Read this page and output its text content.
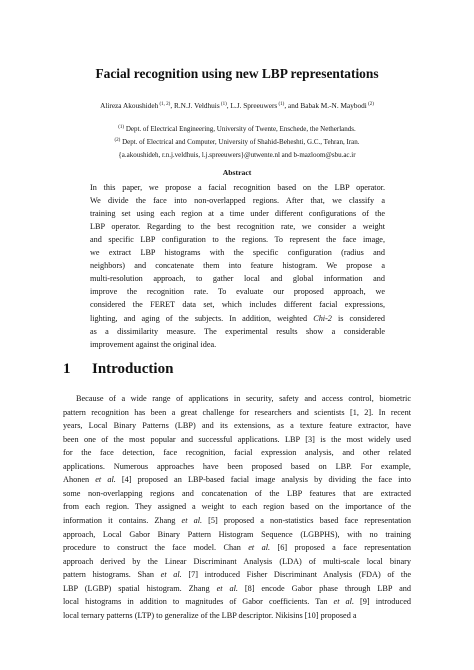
Facial recognition using new LBP representations
Alireza Akoushideh $^{(1, 2)}$, R.N.J. Veldhuis $^{(1)}$, L.J. Spreeuwers $^{(1)}$, and Babak M.-N. Maybodi $^{(2)}$
$^{(1)}$ Dept. of Electrical Engineering, University of Twente, Enschede, the Netherlands.
$^{(2)}$ Dept. of Electrical and Computer, University of Shahid-Beheshti, G.C., Tehran, Iran.
{a.akoushideh, r.n.j.veldhuis, l.j.spreeuwers}@utwente.nl and b-mazloom@sbu.ac.ir
Abstract
In this paper, we propose a facial recognition based on the LBP operator.
We divide the face into non-overlapped regions. After that, we classify a
training set using each region at a time under different configurations of the
LBP operator. Regarding to the best recognition rate, we consider a weight
and specific LBP configuration to the regions. To represent the face image,
we extract LBP histograms with the specific configuration (radius and
neighbors) and concatenate them into feature histogram. We propose a
multi-resolution approach, to gather local and global information and
improve the recognition rate. To evaluate our proposed approach, we
considered the FERET data set, which includes different facial expressions,
lighting, and aging of the subjects. In addition, weighted Chi-2 is considered
as a dissimilarity measure. The experimental results show a considerable
improvement against the original idea.
1 Introduction
Because of a wide range of applications in security, safety and access control, biometric
pattern recognition has been a great challenge for researchers and scientists [1, 2]. In recent
years, Local Binary Patterns (LBP) and its extensions, as a texture feature extractor, have
been one of the most popular and successful applications. LBP [3] is the most widely used
for the face detection, face recognition, facial expression analysis, and other related
applications. Numerous approaches have been proposed based on LBP. For example,
Ahonen et al. [4] proposed an LBP-based facial image analysis by dividing the face into
some non-overlapping regions and concatenation of the LBP features that are extracted
from each region. They assigned a weight to each region based on the importance of the
information it contains. Zhang et al. [5] proposed a non-statistics based face representation
approach, Local Gabor Binary Pattern Histogram Sequence (LGBPHS), with no training
procedure to construct the face model. Chan et al. [6] proposed a face representation
approach derived by the Linear Discriminant Analysis (LDA) of multi-scale local binary
pattern histograms. Shan et al. [7] introduced Fisher Discriminant Analysis (FDA) of the
LBP (LGBP) spatial histogram. Zhang et al. [8] encode Gabor phase through LBP and
local histograms in addition to magnitudes of Gabor coefficients. Tan et al. [9] introduced
local ternary patterns (LTP) to generalize of the LBP descriptor. Nikisins [10] proposed a
